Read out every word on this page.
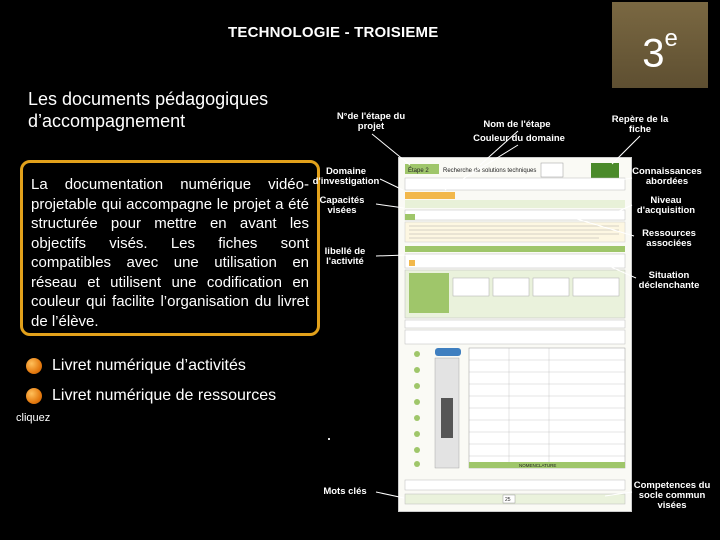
TECHNOLOGIE - TROISIEME	3e
Les documents pédagogiques d’accompagnement

La documentation numérique vidéo-projetable qui accompagne le projet a été structurée pour mettre en avant les objectifs visés. Les fiches sont compatibles avec une utilisation en réseau et utilisent une codification en couleur qui facilite l’organisation du livret de l’élève.

Livret numérique d’activités
Livret numérique de ressources
cliquez
Étape 2 Recherche de solutions techniques
NOMENCLATURE
25
N°de l'étape du projet	Nom de l'étape
Couleur du domaine
Repère de la fiche
Domaine d'investigation
Connaissances abordées
Capacités visées
Niveau d'acquisition
Ressources associées
libellé de l'activité
Situation déclenchante
Mots clés
Competences du socle commun visées
